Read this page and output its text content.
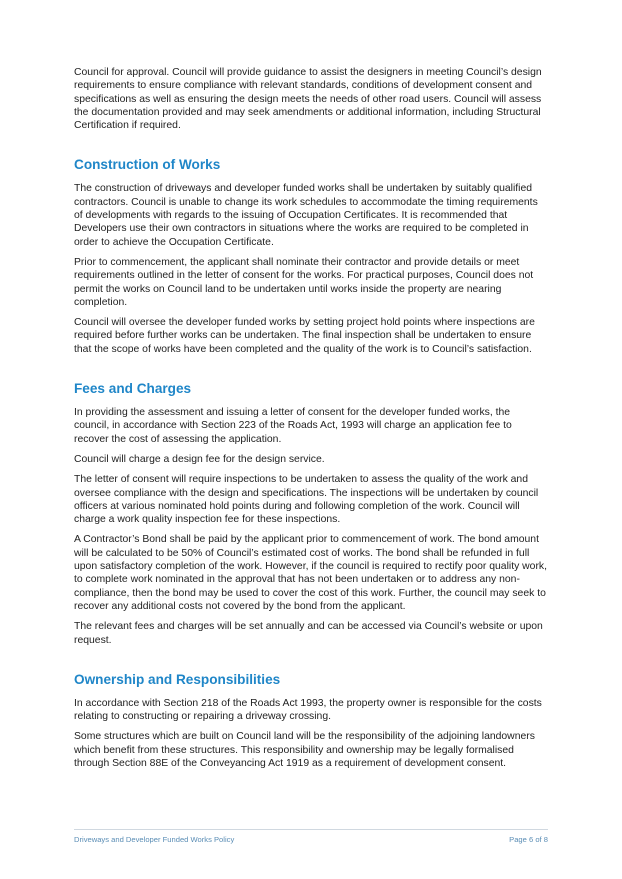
Council for approval. Council will provide guidance to assist the designers in meeting Council’s design requirements to ensure compliance with relevant standards, conditions of development consent and specifications as well as ensuring the design meets the needs of other road users. Council will assess the documentation provided and may seek amendments or additional information, including Structural Certification if required.

Construction of Works

The construction of driveways and developer funded works shall be undertaken by suitably qualified contractors. Council is unable to change its work schedules to accommodate the timing requirements of developments with regards to the issuing of Occupation Certificates. It is recommended that Developers use their own contractors in situations where the works are required to be completed in order to achieve the Occupation Certificate.

Prior to commencement, the applicant shall nominate their contractor and provide details or meet requirements outlined in the letter of consent for the works. For practical purposes, Council does not permit the works on Council land to be undertaken until works inside the property are nearing completion.

Council will oversee the developer funded works by setting project hold points where inspections are required before further works can be undertaken. The final inspection shall be undertaken to ensure that the scope of works have been completed and the quality of the work is to Council’s satisfaction.

Fees and Charges

In providing the assessment and issuing a letter of consent for the developer funded works, the council, in accordance with Section 223 of the Roads Act, 1993 will charge an application fee to recover the cost of assessing the application.

Council will charge a design fee for the design service.

The letter of consent will require inspections to be undertaken to assess the quality of the work and oversee compliance with the design and specifications. The inspections will be undertaken by council officers at various nominated hold points during and following completion of the work. Council will charge a work quality inspection fee for these inspections.

A Contractor’s Bond shall be paid by the applicant prior to commencement of work. The bond amount will be calculated to be 50% of Council’s estimated cost of works. The bond shall be refunded in full upon satisfactory completion of the work. However, if the council is required to rectify poor quality work, to complete work nominated in the approval that has not been undertaken or to address any non-compliance, then the bond may be used to cover the cost of this work. Further, the council may seek to recover any additional costs not covered by the bond from the applicant.

The relevant fees and charges will be set annually and can be accessed via Council’s website or upon request.

Ownership and Responsibilities

In accordance with Section 218 of the Roads Act 1993, the property owner is responsible for the costs relating to constructing or repairing a driveway crossing.

Some structures which are built on Council land will be the responsibility of the adjoining landowners which benefit from these structures. This responsibility and ownership may be legally formalised through Section 88E of the Conveyancing Act 1919 as a requirement of development consent.

Driveways and Developer Funded Works Policy	Page 6 of 8
